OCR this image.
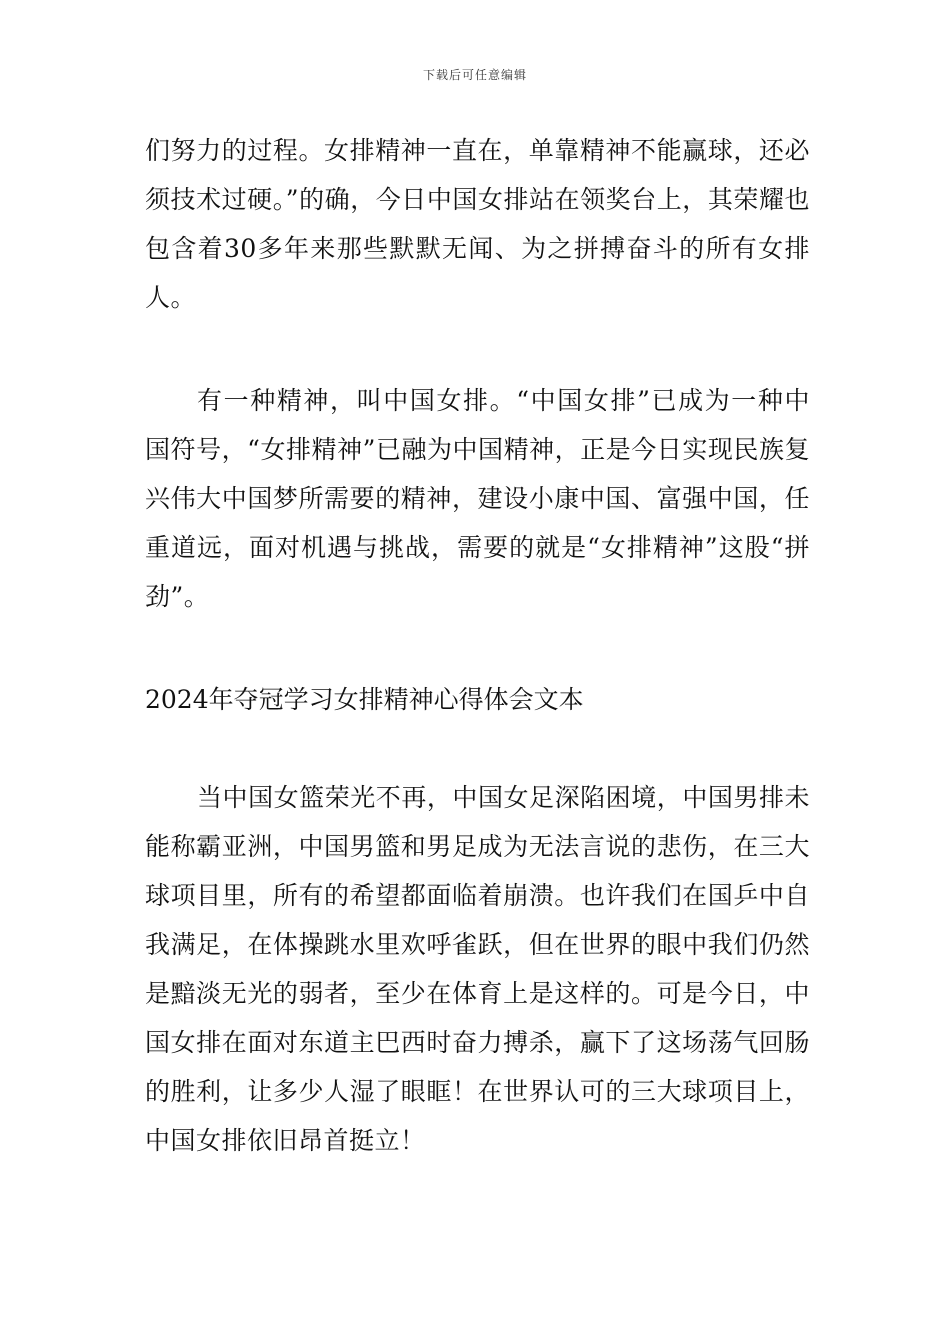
下载后可任意编辑
们努力的过程。女排精神一直在，单靠精神不能赢球，还必须技术过硬。”的确，今日中国女排站在领奖台上，其荣耀也包含着30多年来那些默默无闻、为之拼搏奋斗的所有女排人。
有一种精神，叫中国女排。“中国女排”已成为一种中国符号，“女排精神”已融为中国精神，正是今日实现民族复兴伟大中国梦所需要的精神，建设小康中国、富强中国，任重道远，面对机遇与挑战，需要的就是“女排精神”这股“拼劲”。
2024年夺冠学习女排精神心得体会文本
当中国女篮荣光不再，中国女足深陷困境，中国男排未能称霸亚洲，中国男篮和男足成为无法言说的悲伤，在三大球项目里，所有的希望都面临着崩溃。也许我们在国乒中自我满足，在体操跳水里欢呼雀跃，但在世界的眼中我们仍然是黯淡无光的弱者，至少在体育上是这样的。可是今日，中国女排在面对东道主巴西时奋力搏杀，赢下了这场荡气回肠的胜利，让多少人湿了眼眶！在世界认可的三大球项目上，中国女排依旧昂首挺立！
